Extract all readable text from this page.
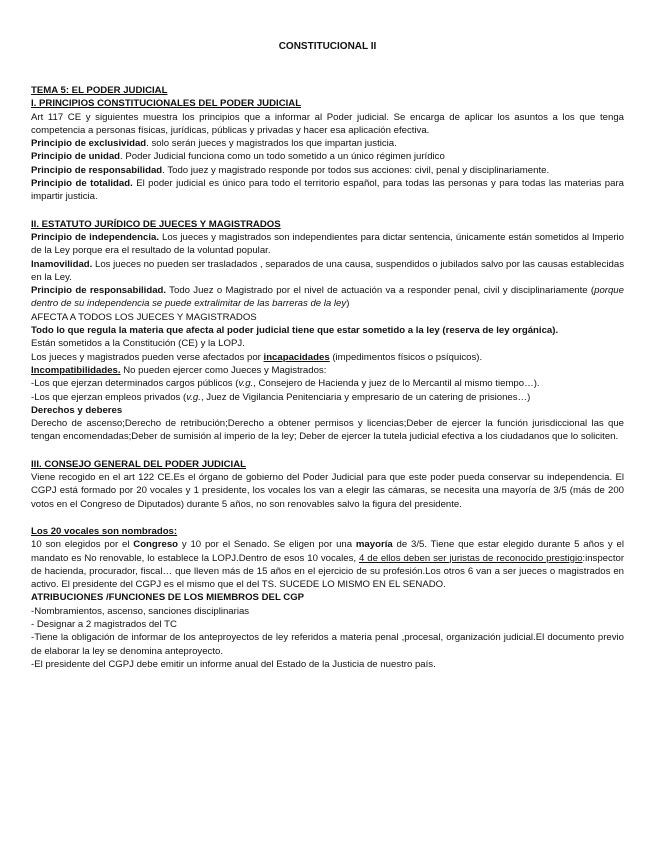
CONSTITUCIONAL II

TEMA 5: EL PODER JUDICIAL

I. PRINCIPIOS CONSTITUCIONALES DEL PODER JUDICIAL

Art 117 CE y siguientes muestra los principios que a informar al Poder judicial. Se encarga de aplicar los asuntos a los que tenga competencia a personas físicas, jurídicas, públicas y privadas y hacer esa aplicación efectiva.

Principio de exclusividad. solo serán jueces y magistrados los que impartan justicia.

Principio de unidad. Poder Judicial funciona como un todo sometido a un único régimen jurídico

Principio de responsabilidad. Todo juez y magistrado responde por todos sus acciones: civil, penal y disciplinariamente.

Principio de totalidad. El poder judicial es único para todo el territorio español, para todas las personas y para todas las materias para impartir justicia.

II. ESTATUTO JURÍDICO DE JUECES Y MAGISTRADOS

Principio de independencia. Los jueces y magistrados son independientes para dictar sentencia, únicamente están sometidos al Imperio de la Ley porque era el resultado de la voluntad popular.

Inamovilidad. Los jueces no pueden ser trasladados , separados de una causa, suspendidos o jubilados salvo por las causas establecidas en la Ley.

Principio de responsabilidad. Todo Juez o Magistrado por el nivel de actuación va a responder penal, civil y disciplinariamente (porque dentro de su independencia se puede extralimitar de las barreras de la ley)

AFECTA A TODOS LOS JUECES Y MAGISTRADOS

Todo lo que regula la materia que afecta al poder judicial tiene que estar sometido a la ley (reserva de ley orgánica).

Están sometidos a la Constitución (CE) y la LOPJ.

Los jueces y magistrados pueden verse afectados por incapacidades (impedimentos físicos o psíquicos).

Incompatibilidades. No pueden ejercer como Jueces y Magistrados:

-Los que ejerzan determinados cargos públicos (v.g., Consejero de Hacienda y juez de lo Mercantil al mismo tiempo…).

-Los que ejerzan empleos privados (v.g., Juez de Vigilancia Penitenciaria y empresario de un catering de prisiones…)

Derechos y deberes

Derecho de ascenso;Derecho de retribución;Derecho a obtener permisos y licencias;Deber de ejercer la función jurisdiccional las que tengan encomendadas;Deber de sumisión al imperio de la ley; Deber de ejercer la tutela judicial efectiva a los ciudadanos que lo soliciten.

III. CONSEJO GENERAL DEL PODER JUDICIAL

Viene recogido en el art 122 CE.Es el órgano de gobierno del Poder Judicial para que este poder pueda conservar su independencia. El CGPJ está formado por 20 vocales y 1 presidente, los vocales los van a elegir las cámaras, se necesita una mayoría de 3/5 (más de 200 votos en el Congreso de Diputados) durante 5 años, no son renovables salvo la figura del presidente.

Los 20 vocales son nombrados:

10 son elegidos por el Congreso y 10 por el Senado. Se eligen por una mayoría de 3/5. Tiene que estar elegido durante 5 años y el mandato es No renovable, lo establece la LOPJ.Dentro de esos 10 vocales, 4 de ellos deben ser juristas de reconocido prestigio:inspector de hacienda, procurador, fiscal… que lleven más de 15 años en el ejercicio de su profesión.Los otros 6 van a ser jueces o magistrados en activo. El presidente del CGPJ es el mismo que el del TS. SUCEDE LO MISMO EN EL SENADO.

ATRIBUCIONES /FUNCIONES DE LOS MIEMBROS DEL CGP

-Nombramientos, ascenso, sanciones disciplinarias

- Designar a 2 magistrados del TC

-Tiene la obligación de informar de los anteproyectos de ley referidos a materia penal ,procesal, organización judicial.El documento previo de elaborar la ley se denomina anteproyecto.

-El presidente del CGPJ debe emitir un informe anual del Estado de la Justicia de nuestro país.
